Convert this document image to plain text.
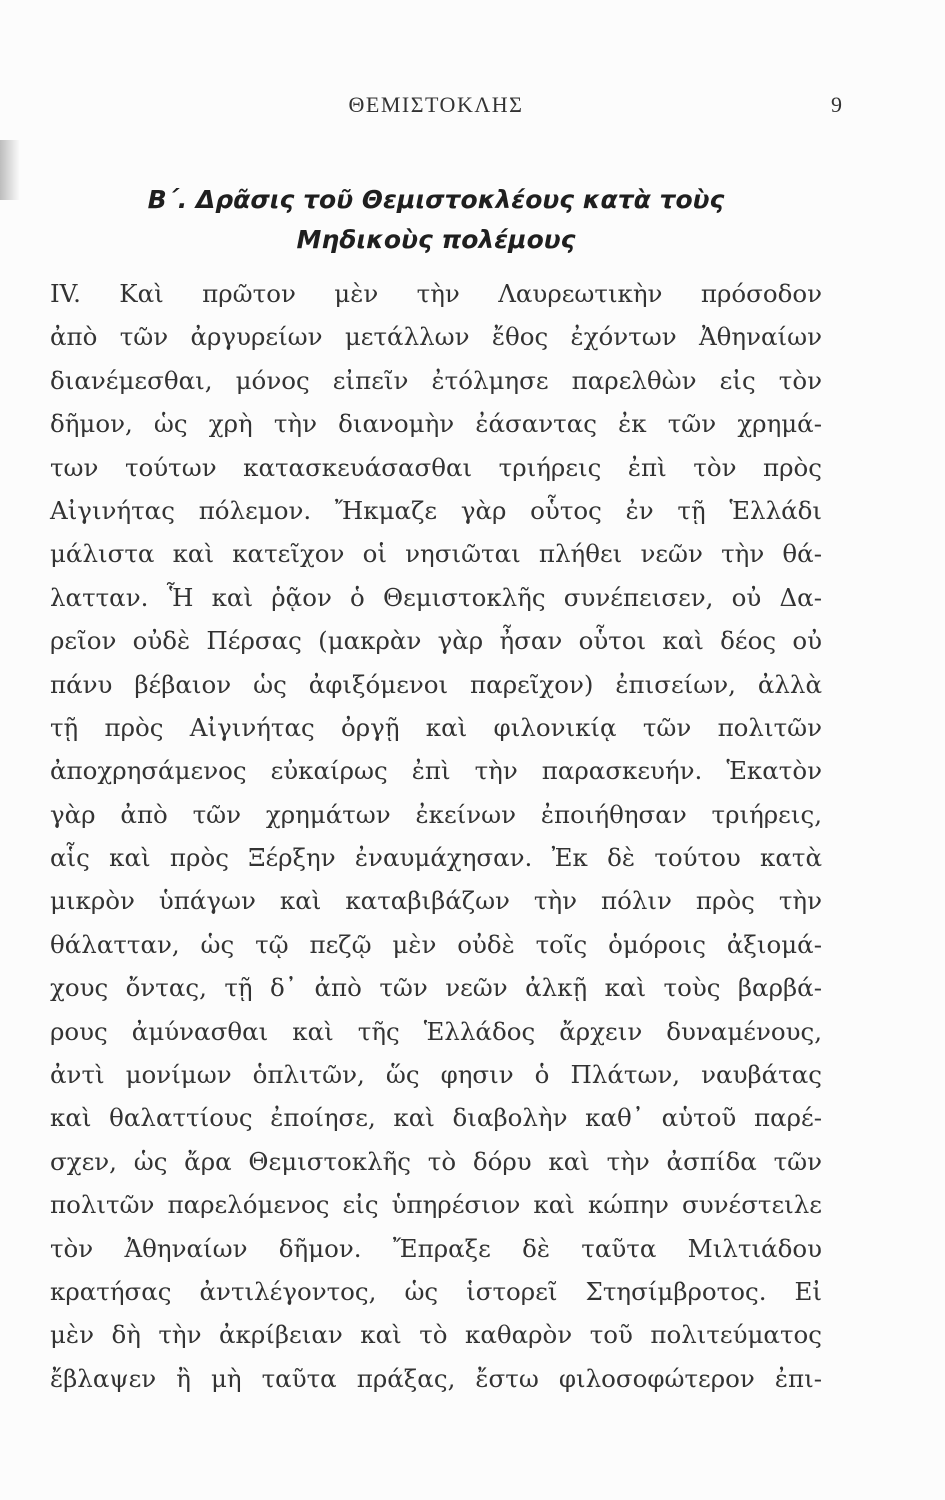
ΘΕΜΙΣΤΟΚΛΗΣ	9
Β΄. Δρᾶσις τοῦ Θεμιστοκλέους κατὰ τοὺς
Μηδικοὺς πολέμους
IV. Καὶ πρῶτον μὲν τὴν Λαυρεωτικὴν πρόσοδον
ἀπὸ τῶν ἀργυρείων μετάλλων ἔθος ἐχόντων Ἀθηναίων
διανέμεσθαι, μόνος εἰπεῖν ἐτόλμησε παρελθὼν εἰς τὸν
δῆμον, ὡς χρὴ τὴν διανομὴν ἐάσαντας ἐκ τῶν χρημά-
των τούτων κατασκευάσασθαι τριήρεις ἐπὶ τὸν πρὸς
Αἰγινήτας πόλεμον. Ἤκμαζε γὰρ οὗτος ἐν τῇ Ἑλλάδι
μάλιστα καὶ κατεῖχον οἱ νησιῶται πλήθει νεῶν τὴν θά-
λατταν. Ἧ καὶ ῥᾷον ὁ Θεμιστοκλῆς συνέπεισεν, οὐ Δα-
ρεῖον οὐδὲ Πέρσας (μακρὰν γὰρ ἦσαν οὗτοι καὶ δέος οὐ
πάνυ βέβαιον ὡς ἀφιξόμενοι παρεῖχον) ἐπισείων, ἀλλὰ
τῇ πρὸς Αἰγινήτας ὀργῇ καὶ φιλονικίᾳ τῶν πολιτῶν
ἀποχρησάμενος εὐκαίρως ἐπὶ τὴν παρασκευήν. Ἑκατὸν
γὰρ ἀπὸ τῶν χρημάτων ἐκείνων ἐποιήθησαν τριήρεις,
αἷς καὶ πρὸς Ξέρξην ἐναυμάχησαν. Ἐκ δὲ τούτου κατὰ
μικρὸν ὑπάγων καὶ καταβιβάζων τὴν πόλιν πρὸς τὴν
θάλατταν, ὡς τῷ πεζῷ μὲν οὐδὲ τοῖς ὁμόροις ἀξιομά-
χους ὄντας, τῇ δ᾽ ἀπὸ τῶν νεῶν ἀλκῇ καὶ τοὺς βαρβά-
ρους ἀμύνασθαι καὶ τῆς Ἑλλάδος ἄρχειν δυναμένους,
ἀντὶ μονίμων ὁπλιτῶν, ὥς φησιν ὁ Πλάτων, ναυβάτας
καὶ θαλαττίους ἐποίησε, καὶ διαβολὴν καθ᾽ αὑτοῦ παρέ-
σχεν, ὡς ἄρα Θεμιστοκλῆς τὸ δόρυ καὶ τὴν ἀσπίδα τῶν
πολιτῶν παρελόμενος εἰς ὑπηρέσιον καὶ κώπην συνέστειλε
τὸν Ἀθηναίων δῆμον. Ἔπραξε δὲ ταῦτα Μιλτιάδου
κρατήσας ἀντιλέγοντος, ὡς ἱστορεῖ Στησίμβροτος. Εἰ
μὲν δὴ τὴν ἀκρίβειαν καὶ τὸ καθαρὸν τοῦ πολιτεύματος
ἔβλαψεν ἢ μὴ ταῦτα πράξας, ἔστω φιλοσοφώτερον ἐπι-
